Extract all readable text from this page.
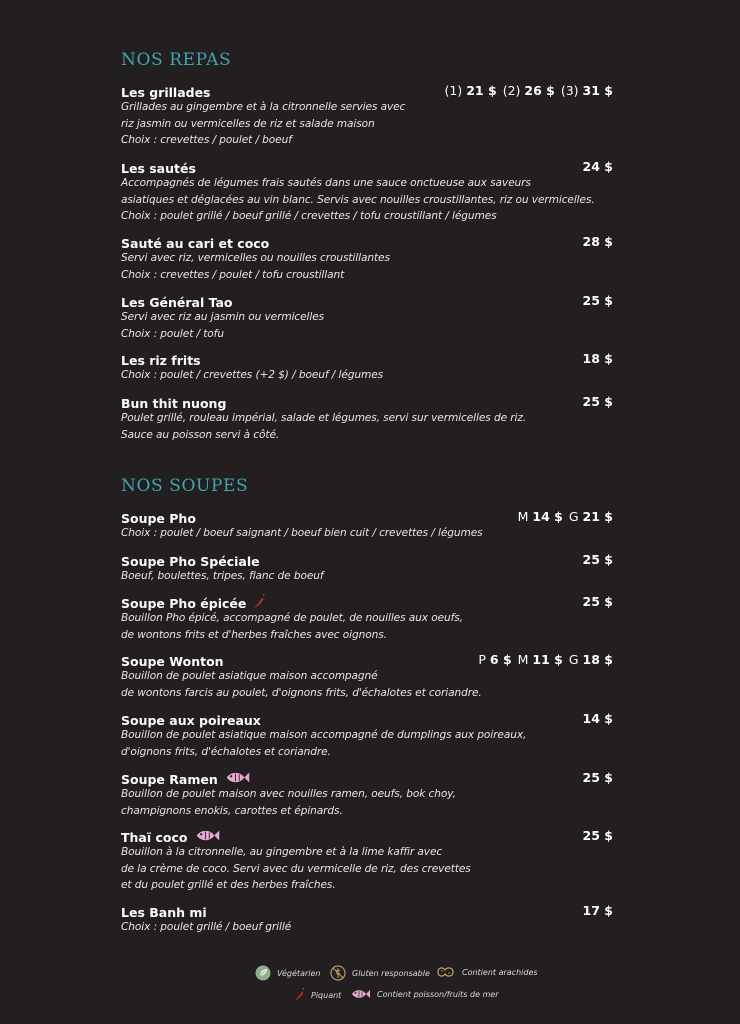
NOS REPAS
Les grillades	(1) 21 $ (2) 26 $ (3) 31 $
Grillades au gingembre et à la citronnelle servies avec
riz jasmin ou vermicelles de riz et salade maison
Choix : crevettes / poulet / boeuf
Les sautés	24 $
Accompagnés de légumes frais sautés dans une sauce onctueuse aux saveurs
asiatiques et déglacées au vin blanc. Servis avec nouilles croustillantes, riz ou vermicelles.
Choix : poulet grillé / boeuf grillé / crevettes / tofu croustillant / légumes
Sauté au cari et coco	28 $
Servi avec riz, vermicelles ou nouilles croustillantes
Choix : crevettes / poulet / tofu croustillant
Les Général Tao	25 $
Servi avec riz au jasmin ou vermicelles
Choix : poulet / tofu
Les riz frits	18 $
Choix : poulet / crevettes (+2 $) / boeuf / légumes
Bun thit nuong	25 $
Poulet grillé, rouleau impérial, salade et légumes, servi sur vermicelles de riz.
Sauce au poisson servi à côté.
NOS SOUPES
Soupe Pho	M 14 $ G 21 $
Choix : poulet / boeuf saignant / boeuf bien cuit / crevettes / légumes
Soupe Pho Spéciale	25 $
Boeuf, boulettes, tripes, flanc de boeuf
Soupe Pho épicée	25 $
Bouillon Pho épicé, accompagné de poulet, de nouilles aux oeufs,
de wontons frits et d'herbes fraîches avec oignons.
Soupe Wonton	P 6 $ M 11 $ G 18 $
Bouillon de poulet asiatique maison accompagné
de wontons farcis au poulet, d'oignons frits, d'échalotes et coriandre.
Soupe aux poireaux	14 $
Bouillon de poulet asiatique maison accompagné de dumplings aux poireaux,
d'oignons frits, d'échalotes et coriandre.
Soupe Ramen	25 $
Bouillon de poulet maison avec nouilles ramen, oeufs, bok choy,
champignons enokis, carottes et épinards.
Thaï coco	25 $
Bouillon à la citronnelle, au gingembre et à la lime kaffir avec
de la crème de coco. Servi avec du vermicelle de riz, des crevettes
et du poulet grillé et des herbes fraîches.
Les Banh mi	17 $
Choix : poulet grillé / boeuf grillé
Végétarien	Gluten responsable	Contient arachides
Piquant	Contient poisson/fruits de mer
